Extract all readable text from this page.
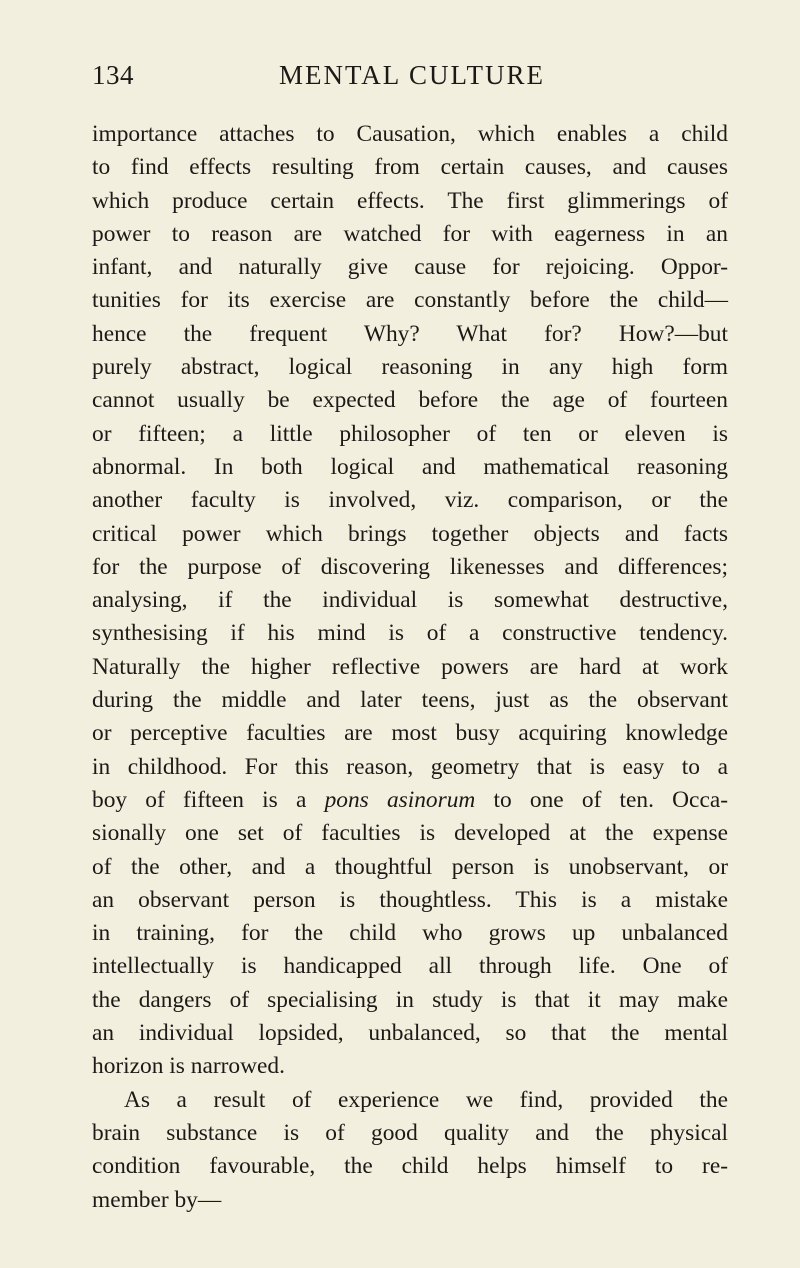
MENTAL CULTURE
134
importance attaches to Causation, which enables a child
to find effects resulting from certain causes, and causes
which produce certain effects. The first glimmerings of
power to reason are watched for with eagerness in an
infant, and naturally give cause for rejoicing. Oppor-
tunities for its exercise are constantly before the child—
hence the frequent Why? What for? How?—but
purely abstract, logical reasoning in any high form
cannot usually be expected before the age of fourteen
or fifteen; a little philosopher of ten or eleven is
abnormal. In both logical and mathematical reasoning
another faculty is involved, viz. comparison, or the
critical power which brings together objects and facts
for the purpose of discovering likenesses and differences;
analysing, if the individual is somewhat destructive,
synthesising if his mind is of a constructive tendency.
Naturally the higher reflective powers are hard at work
during the middle and later teens, just as the observant
or perceptive faculties are most busy acquiring knowledge
in childhood. For this reason, geometry that is easy to a
boy of fifteen is a pons asinorum to one of ten. Occa-
sionally one set of faculties is developed at the expense
of the other, and a thoughtful person is unobservant, or
an observant person is thoughtless. This is a mistake
in training, for the child who grows up unbalanced
intellectually is handicapped all through life. One of
the dangers of specialising in study is that it may make
an individual lopsided, unbalanced, so that the mental
horizon is narrowed.
As a result of experience we find, provided the
brain substance is of good quality and the physical
condition favourable, the child helps himself to re-
member by—
